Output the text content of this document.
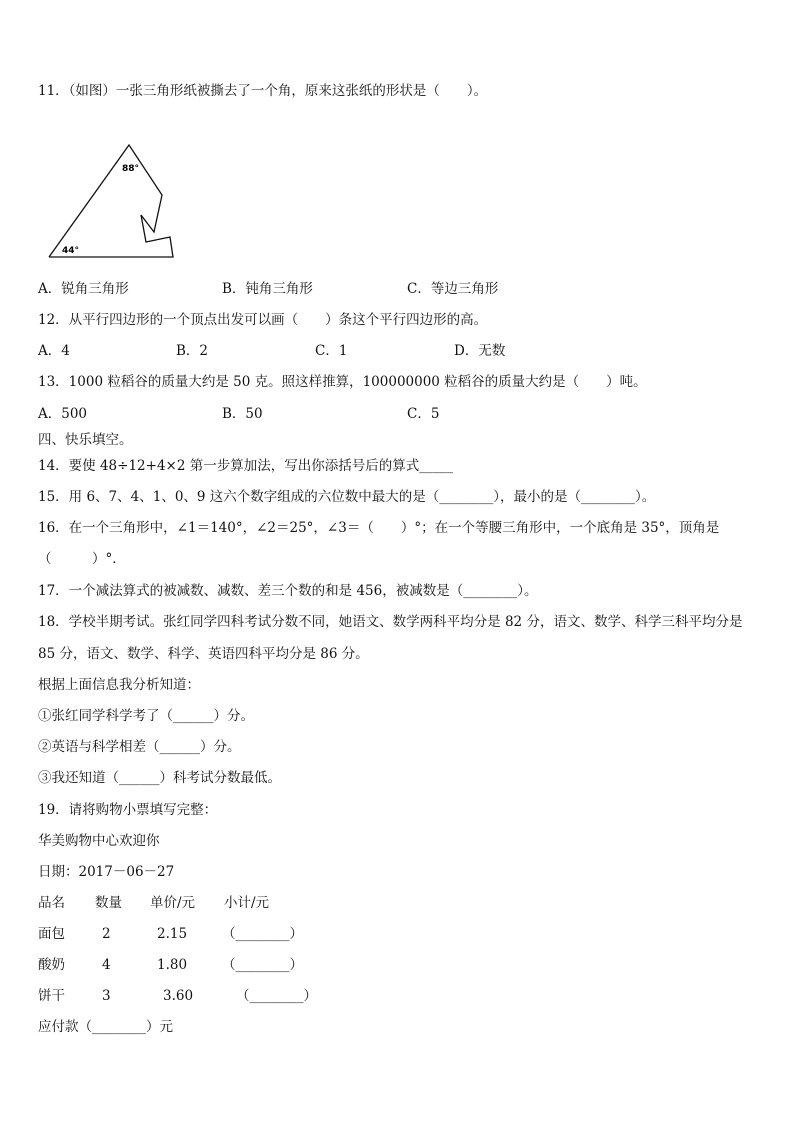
11．（如图）一张三角形纸被撕去了一个角，原来这张纸的形状是（　　）。
88°
44°
A．锐角三角形	B．钝角三角形	C．等边三角形
12．从平行四边形的一个顶点出发可以画（　　）条这个平行四边形的高。
A．4	B．2	C．1	D．无数
13．1000 粒稻谷的质量大约是 50 克。照这样推算，100000000 粒稻谷的质量大约是（　　）吨。
A．500	B．50	C．5
四、快乐填空。
14．要使 48÷12+4×2 第一步算加法，写出你添括号后的算式_____
15．用 6、7、4、1、0、9 这六个数字组成的六位数中最大的是（________），最小的是（________）。
16．在一个三角形中，∠1＝140°，∠2＝25°，∠3＝（　　）°；在一个等腰三角形中，一个底角是 35°，顶角是
（　　　）°．
17．一个减法算式的被减数、减数、差三个数的和是 456，被减数是（________）。
18．学校半期考试。张红同学四科考试分数不同，她语文、数学两科平均分是 82 分，语文、数学、科学三科平均分是
85 分，语文、数学、科学、英语四科平均分是 86 分。
根据上面信息我分析知道：
①张红同学科学考了（______）分。
②英语与科学相差（______）分。
③我还知道（______）科考试分数最低。
19．请将购物小票填写完整：
华美购物中心欢迎你
日期：2017－06－27
品名 数量 单价/元 小计/元
面包	2	2.15	（________）
酸奶	4	1.80	（________）
饼干	3	3.60	（________）
应付款（________）元
